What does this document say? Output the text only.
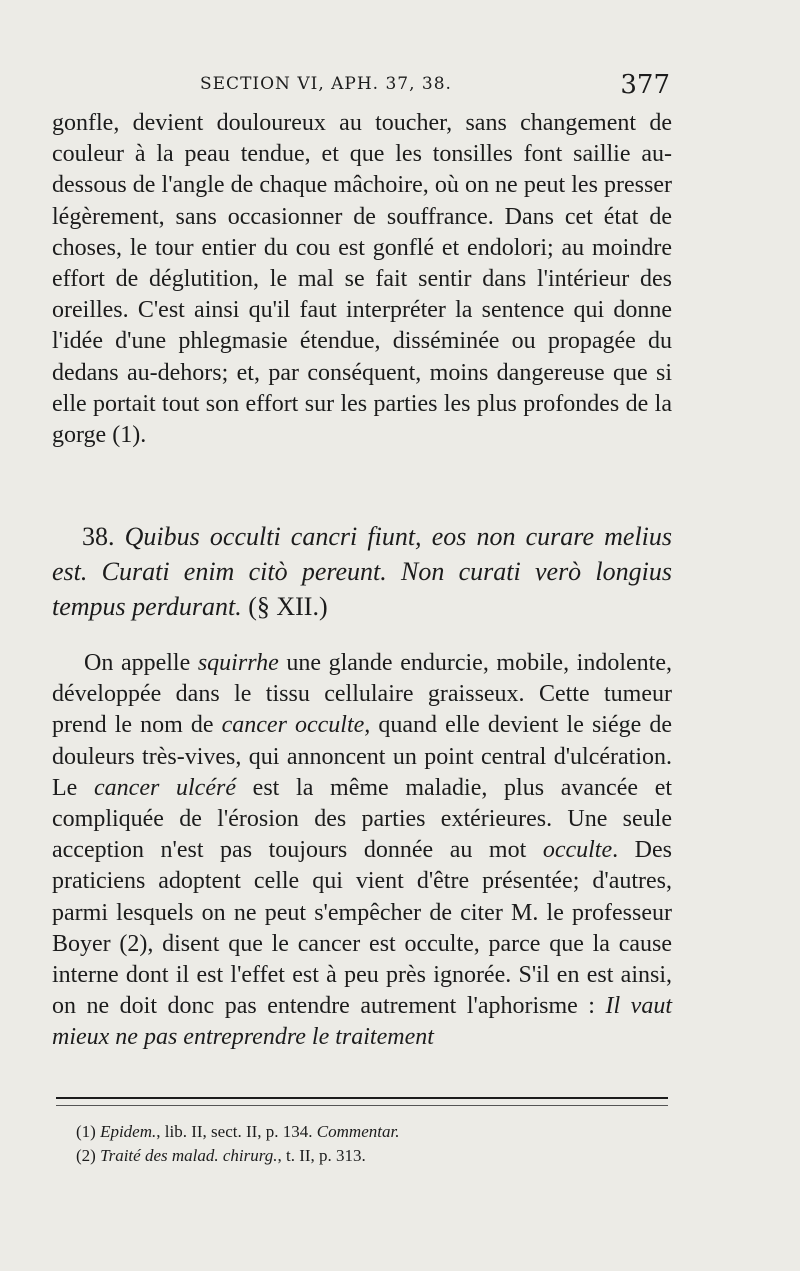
SECTION VI, APH. 37, 38.	377

gonfle, devient douloureux au toucher, sans changement de couleur à la peau tendue, et que les tonsilles font saillie au-dessous de l'angle de chaque mâchoire, où on ne peut les presser légèrement, sans occasionner de souffrance. Dans cet état de choses, le tour entier du cou est gonflé et endolori; au moindre effort de déglutition, le mal se fait sentir dans l'intérieur des oreilles. C'est ainsi qu'il faut interpréter la sentence qui donne l'idée d'une phlegmasie étendue, disséminée ou propagée du dedans au-dehors; et, par conséquent, moins dangereuse que si elle portait tout son effort sur les parties les plus profondes de la gorge (1).

38. Quibus occulti cancri fiunt, eos non curare melius est. Curati enim citò pereunt. Non curati verò longius tempus perdurant. (§ XII.)

On appelle squirrhe une glande endurcie, mobile, indolente, développée dans le tissu cellulaire graisseux. Cette tumeur prend le nom de cancer occulte, quand elle devient le siége de douleurs très-vives, qui annoncent un point central d'ulcération. Le cancer ulcéré est la même maladie, plus avancée et compliquée de l'érosion des parties extérieures. Une seule acception n'est pas toujours donnée au mot occulte. Des praticiens adoptent celle qui vient d'être présentée; d'autres, parmi lesquels on ne peut s'empêcher de citer M. le professeur Boyer (2), disent que le cancer est occulte, parce que la cause interne dont il est l'effet est à peu près ignorée. S'il en est ainsi, on ne doit donc pas entendre autrement l'aphorisme : Il vaut mieux ne pas entreprendre le traitement

(1) Epidem., lib. II, sect. II, p. 134. Commentar.
(2) Traité des malad. chirurg., t. II, p. 313.
